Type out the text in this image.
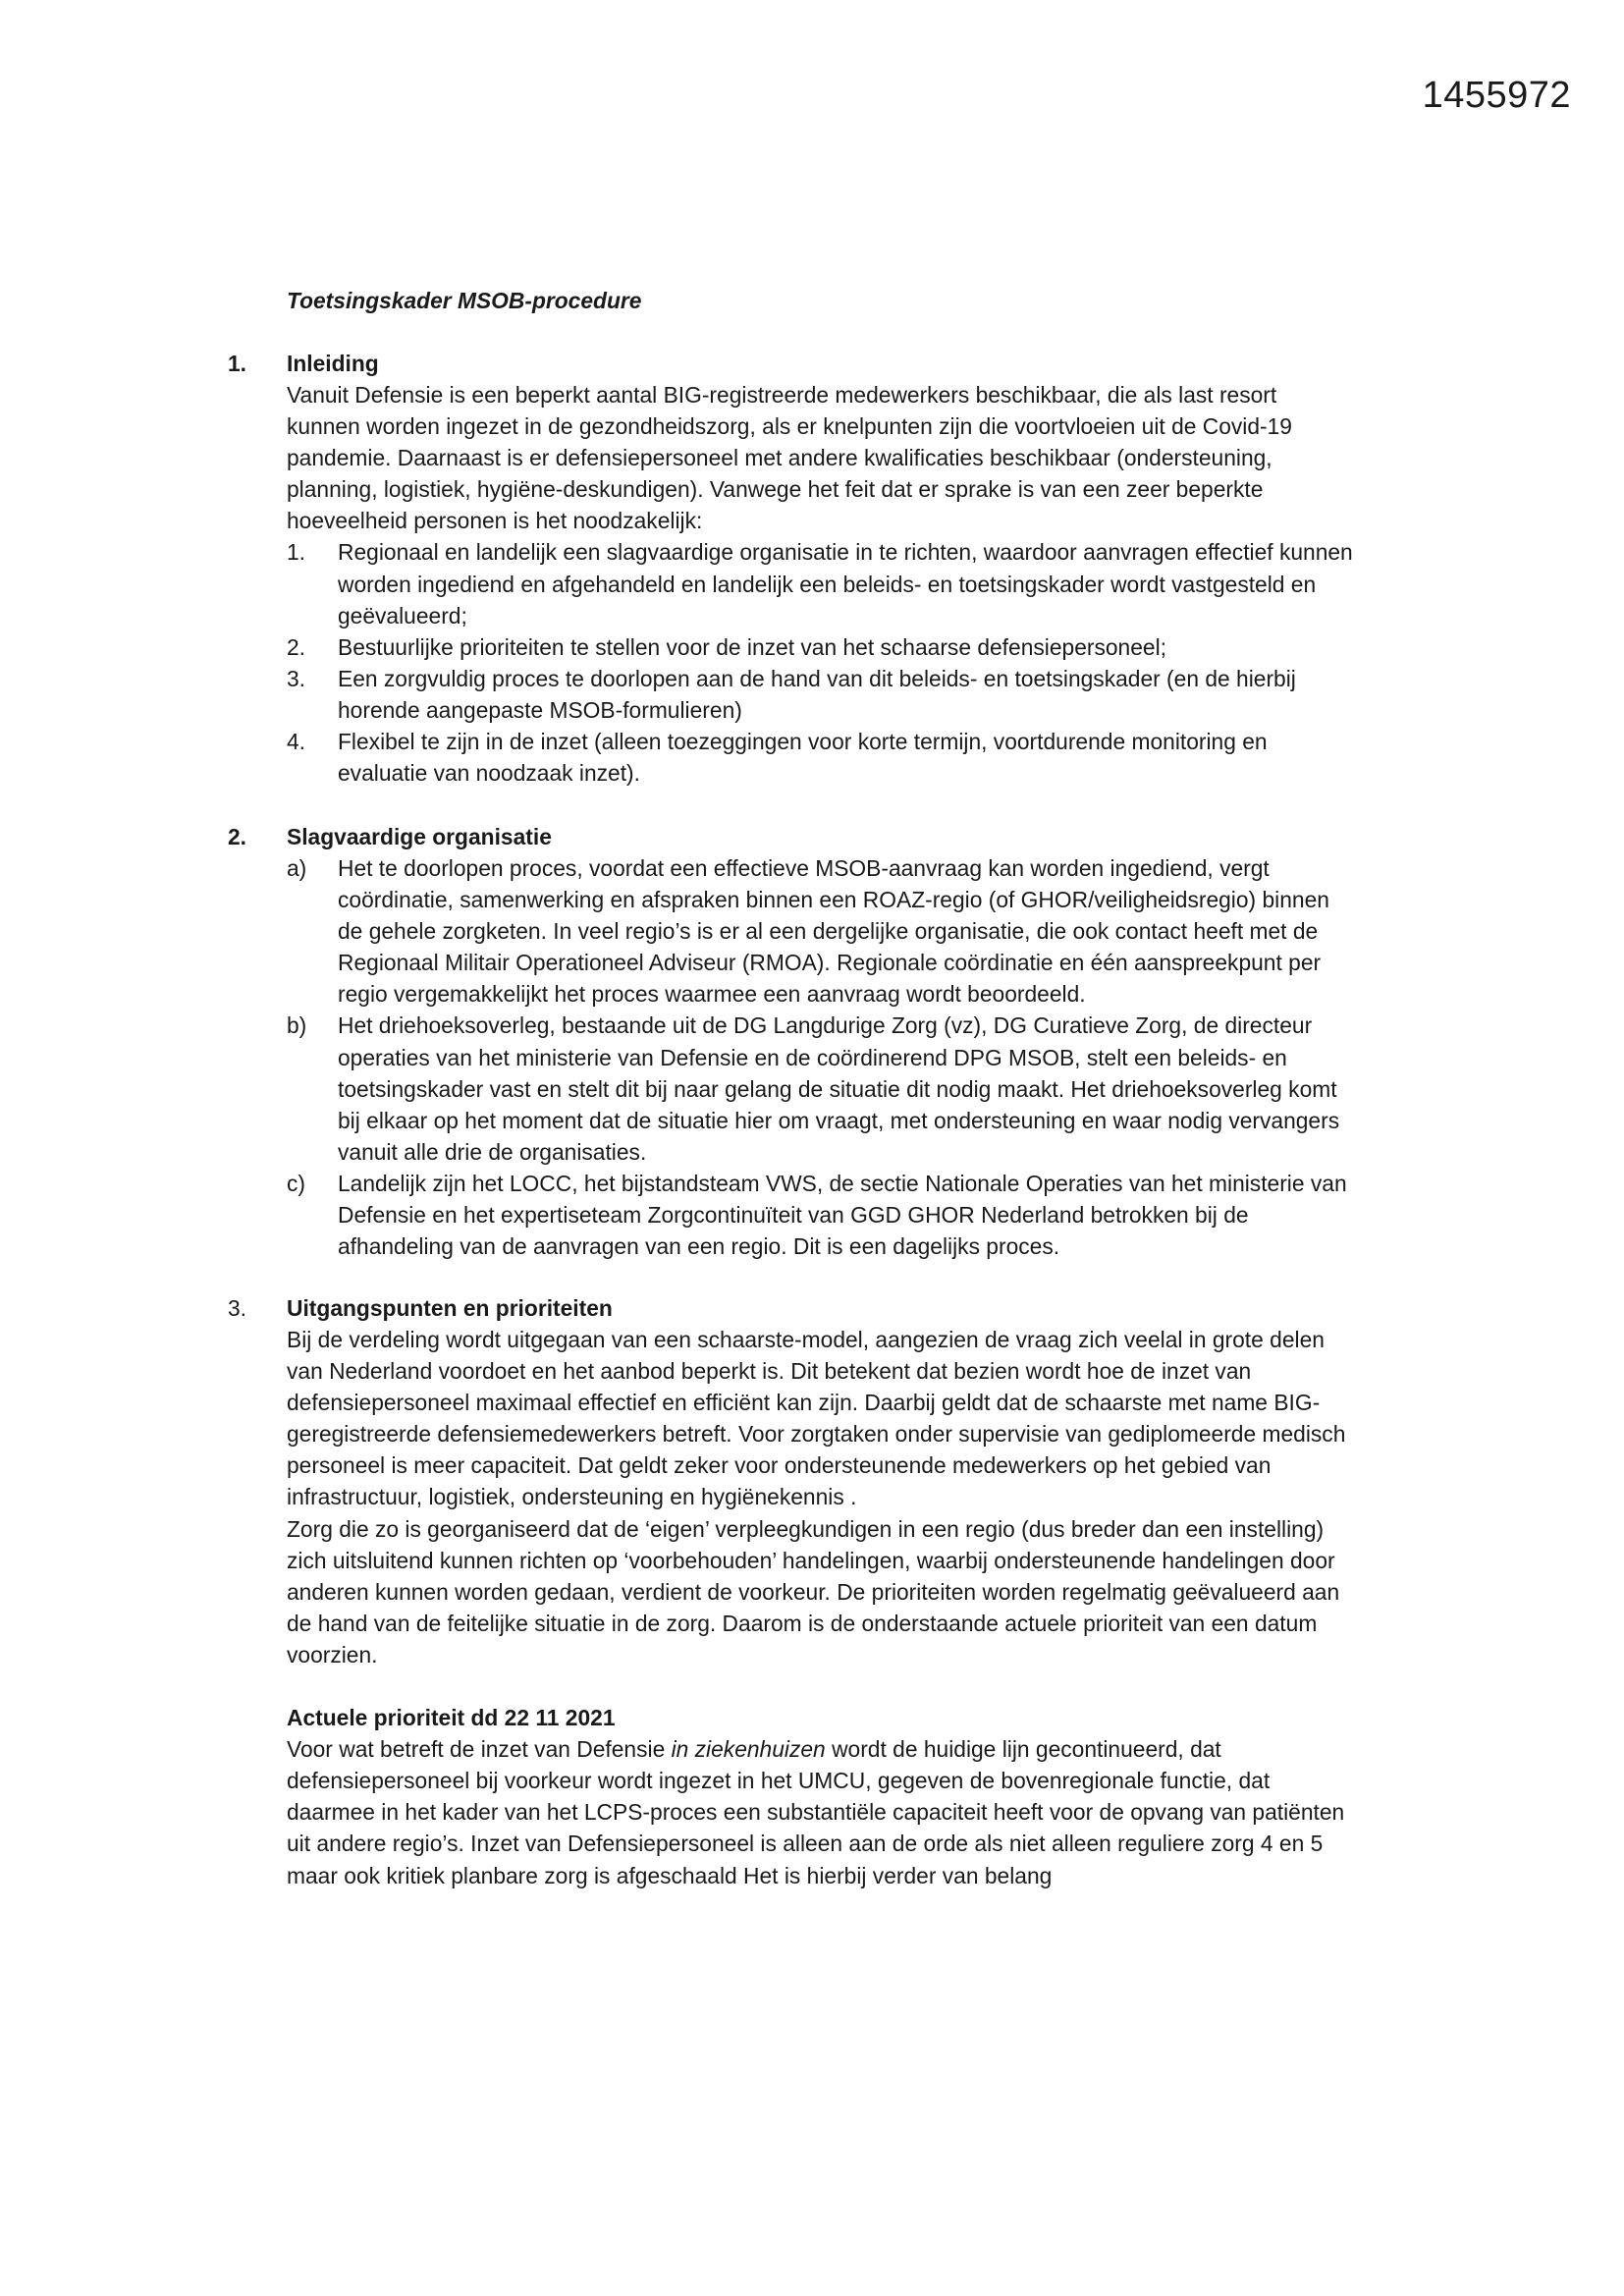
1455972
Toetsingskader MSOB-procedure
1. Inleiding

Vanuit Defensie is een beperkt aantal BIG-registreerde medewerkers beschikbaar, die als last resort kunnen worden ingezet in de gezondheidszorg, als er knelpunten zijn die voortvloeien uit de Covid-19 pandemie. Daarnaast is er defensiepersoneel met andere kwalificaties beschikbaar (ondersteuning, planning, logistiek, hygiëne-deskundigen). Vanwege het feit dat er sprake is van een zeer beperkte hoeveelheid personen is het noodzakelijk:

1. Regionaal en landelijk een slagvaardige organisatie in te richten, waardoor aanvragen effectief kunnen worden ingediend en afgehandeld en landelijk een beleids- en toetsingskader wordt vastgesteld en geëvalueerd;
2. Bestuurlijke prioriteiten te stellen voor de inzet van het schaarse defensiepersoneel;
3. Een zorgvuldig proces te doorlopen aan de hand van dit beleids- en toetsingskader (en de hierbij horende aangepaste MSOB-formulieren)
4. Flexibel te zijn in de inzet (alleen toezeggingen voor korte termijn, voortdurende monitoring en evaluatie van noodzaak inzet).
2. Slagvaardige organisatie
a) Het te doorlopen proces, voordat een effectieve MSOB-aanvraag kan worden ingediend, vergt coördinatie, samenwerking en afspraken binnen een ROAZ-regio (of GHOR/veiligheidsregio) binnen de gehele zorgketen. In veel regio’s is er al een dergelijke organisatie, die ook contact heeft met de Regionaal Militair Operationeel Adviseur (RMOA). Regionale coördinatie en één aanspreekpunt per regio vergemakkelijkt het proces waarmee een aanvraag wordt beoordeeld.
b) Het driehoeksoverleg, bestaande uit de DG Langdurige Zorg (vz), DG Curatieve Zorg, de directeur operaties van het ministerie van Defensie en de coördinerend DPG MSOB, stelt een beleids- en toetsingskader vast en stelt dit bij naar gelang de situatie dit nodig maakt. Het driehoeksoverleg komt bij elkaar op het moment dat de situatie hier om vraagt, met ondersteuning en waar nodig vervangers vanuit alle drie de organisaties.
c) Landelijk zijn het LOCC, het bijstandsteam VWS, de sectie Nationale Operaties van het ministerie van Defensie en het expertiseteam Zorgcontinuïteit van GGD GHOR Nederland betrokken bij de afhandeling van de aanvragen van een regio. Dit is een dagelijks proces.
3. Uitgangspunten en prioriteiten

Bij de verdeling wordt uitgegaan van een schaarste-model, aangezien de vraag zich veelal in grote delen van Nederland voordoet en het aanbod beperkt is. Dit betekent dat bezien wordt hoe de inzet van defensiepersoneel maximaal effectief en efficiënt kan zijn. Daarbij geldt dat de schaarste met name BIG-geregistreerde defensiemedewerkers betreft. Voor zorgtaken onder supervisie van gediplomeerde medisch personeel is meer capaciteit. Dat geldt zeker voor ondersteunende medewerkers op het gebied van infrastructuur, logistiek, ondersteuning en hygiënekennis .

Zorg die zo is georganiseerd dat de ‘eigen’ verpleegkundigen in een regio (dus breder dan een instelling) zich uitsluitend kunnen richten op ‘voorbehouden’ handelingen, waarbij ondersteunende handelingen door anderen kunnen worden gedaan, verdient de voorkeur. De prioriteiten worden regelmatig geëvalueerd aan de hand van de feitelijke situatie in de zorg. Daarom is de onderstaande actuele prioriteit van een datum voorzien.

Actuele prioriteit dd 22 11 2021

Voor wat betreft de inzet van Defensie in ziekenhuizen wordt de huidige lijn gecontinueerd, dat defensiepersoneel bij voorkeur wordt ingezet in het UMCU, gegeven de bovenregionale functie, dat daarmee in het kader van het LCPS-proces een substantiële capaciteit heeft voor de opvang van patiënten uit andere regio’s. Inzet van Defensiepersoneel is alleen aan de orde als niet alleen reguliere zorg 4 en 5 maar ook kritiek planbare zorg is afgeschaald Het is hierbij verder van belang
